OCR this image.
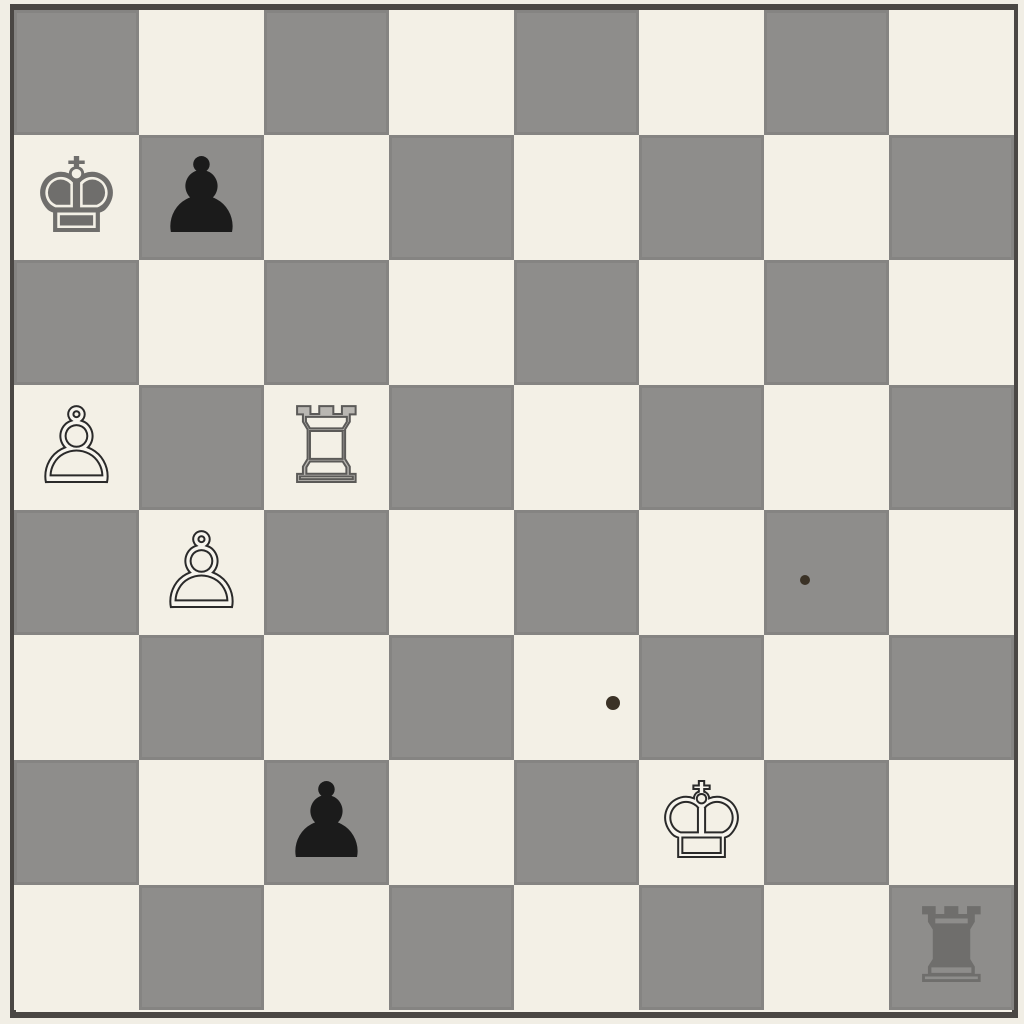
♚ ♟
♙ ♖
♙
♟	♔
♜
